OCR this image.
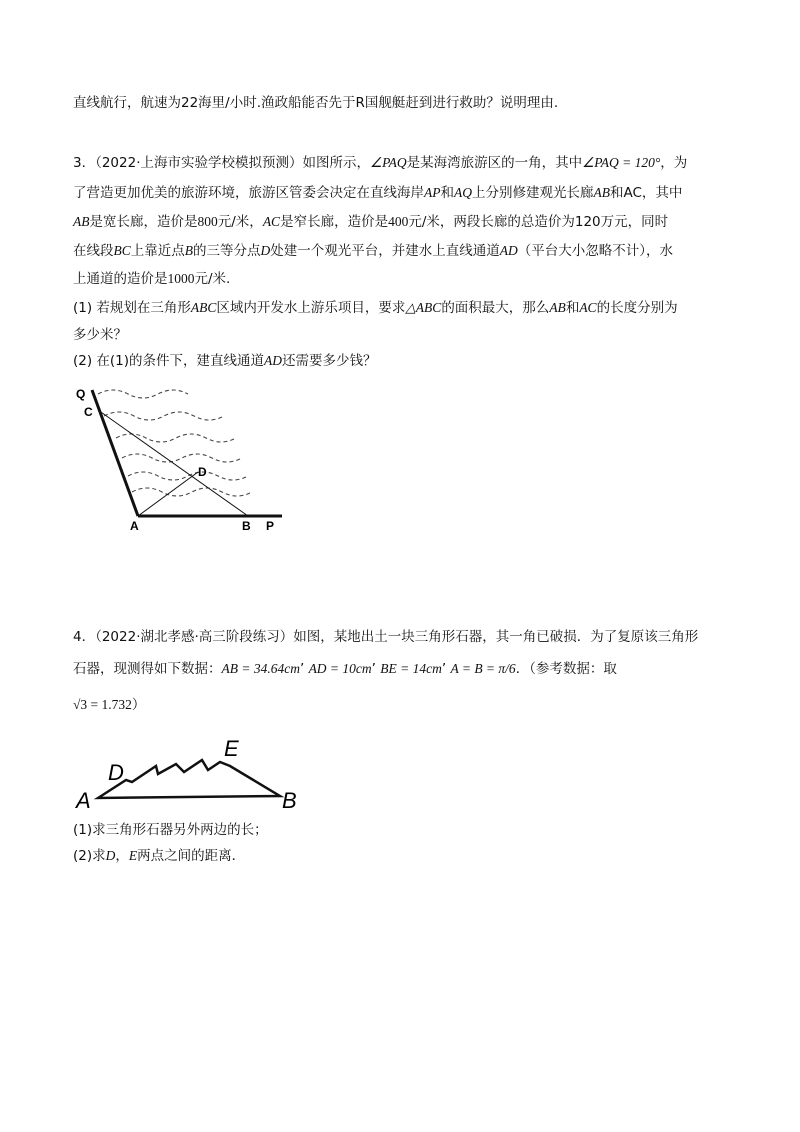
直线航行，航速为22海里/小时.渔政船能否先于R国舰艇赶到进行救助？说明理由.
3．（2022·上海市实验学校模拟预测）如图所示，∠PAQ是某海湾旅游区的一角，其中∠PAQ = 120°，为
了营造更加优美的旅游环境，旅游区管委会决定在直线海岸AP和AQ上分别修建观光长廊AB和AC，其中
AB是宽长廊，造价是800元/米，AC是窄长廊，造价是400元/米，两段长廊的总造价为120万元，同时
在线段BC上靠近点B的三等分点D处建一个观光平台，并建水上直线通道AD（平台大小忽略不计），水
上通道的造价是1000元/米.
(1) 若规划在三角形ABC区域内开发水上游乐项目，要求△ABC的面积最大，那么AB和AC的长度分别为
多少米？
(2) 在(1)的条件下，建直线通道AD还需要多少钱？
Q
C
D
A	B P
4．（2022·湖北孝感·高三阶段练习）如图，某地出土一块三角形石器，其一角已破损．为了复原该三角形
石器，现测得如下数据：AB = 34.64cm’ AD = 10cm’ BE = 14cm’ A = B = π/6．（参考数据：取
√3 = 1.732）
A
D
E
B
(1)求三角形石器另外两边的长；
(2)求D，E两点之间的距离．
